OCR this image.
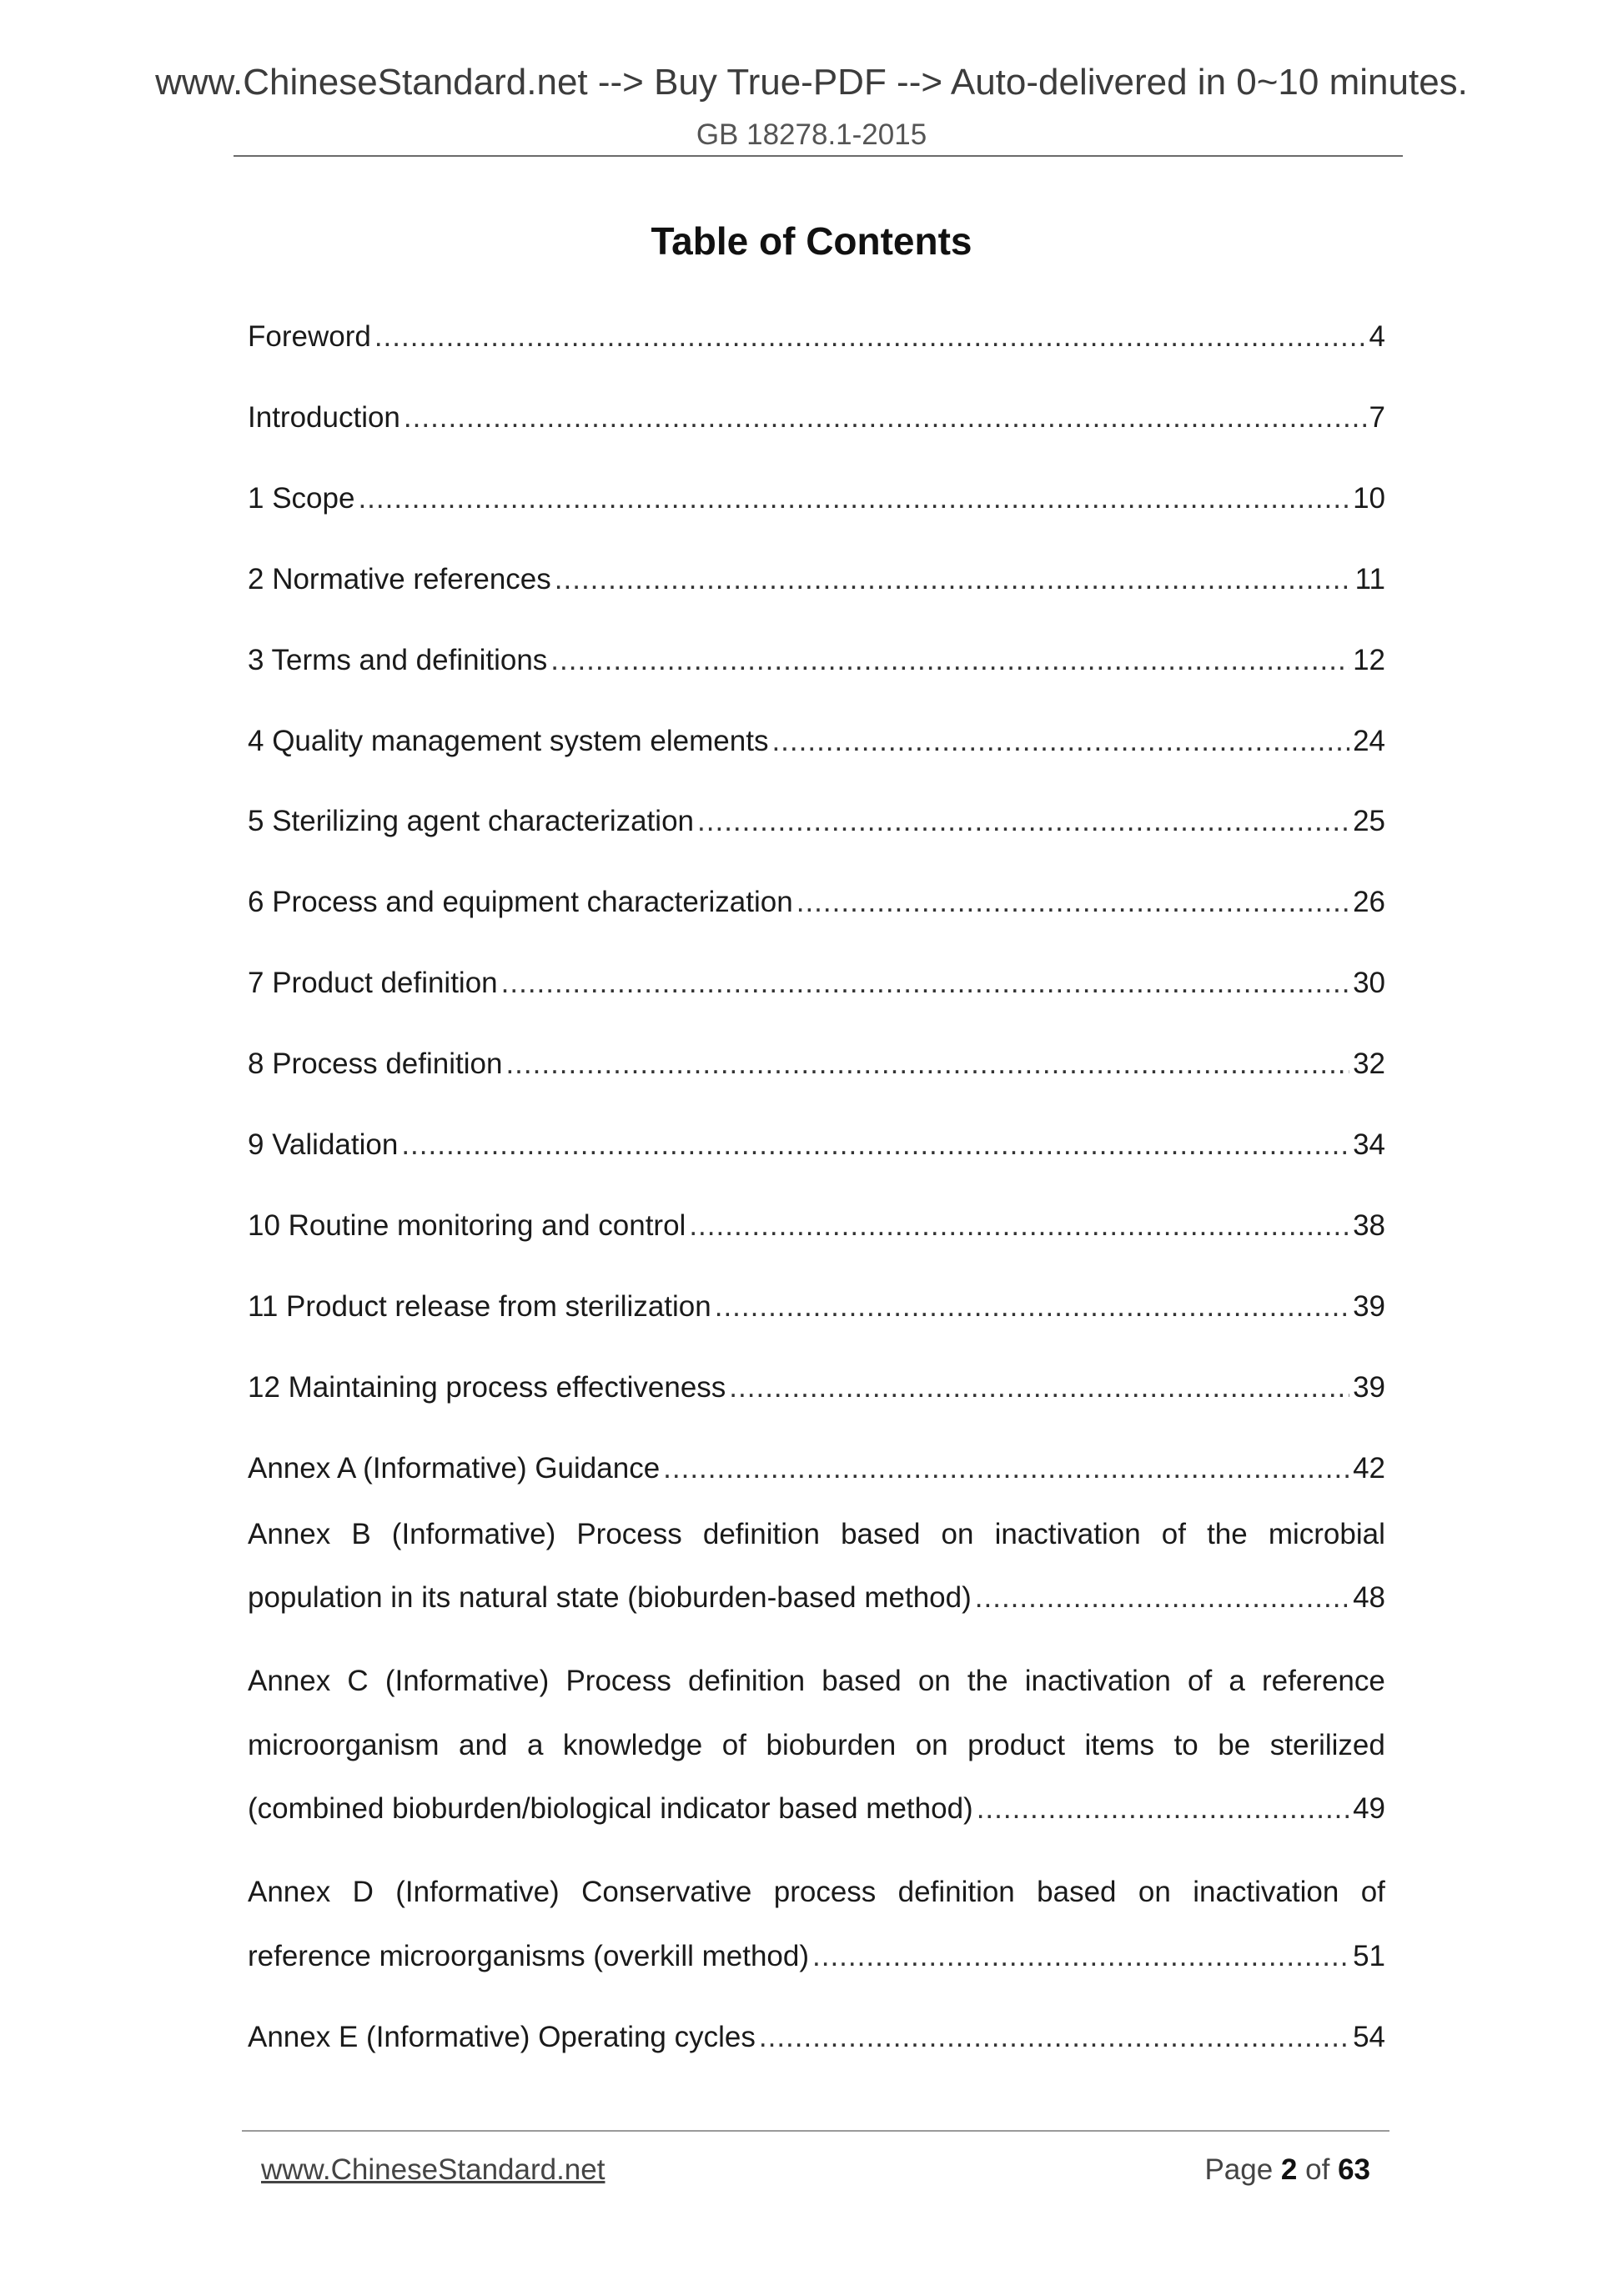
www.ChineseStandard.net --> Buy True-PDF --> Auto-delivered in 0~10 minutes.
GB 18278.1-2015
Table of Contents
Foreword .....	4
Introduction .....	7
1 Scope .....	10
2 Normative references .....	11
3 Terms and definitions .....	12
4 Quality management system elements .....	24
5 Sterilizing agent characterization .....	25
6 Process and equipment characterization .....	26
7 Product definition .....	30
8 Process definition .....	32
9 Validation .....	34
10 Routine monitoring and control .....	38
11 Product release from sterilization .....	39
12 Maintaining process effectiveness .....	39
Annex A (Informative) Guidance .....	42
Annex B (Informative) Process definition based on inactivation of the microbial
population in its natural state (bioburden-based method) .....	48
Annex C (Informative) Process definition based on the inactivation of a reference
microorganism and a knowledge of bioburden on product items to be sterilized
(combined bioburden/biological indicator based method) .....	49
Annex D (Informative) Conservative process definition based on inactivation of
reference microorganisms (overkill method) .....	51
Annex E (Informative) Operating cycles .....	54
www.ChineseStandard.net	Page 2 of 63
